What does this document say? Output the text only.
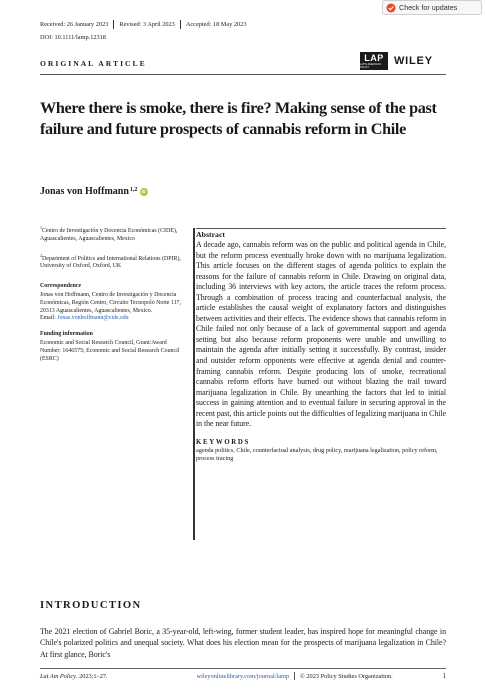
Check for updates
Received: 26 January 2023 Revised: 3 April 2023 Accepted: 18 May 2023
DOI: 10.1111/lamp.12318
ORIGINAL ARTICLE
LAP
LATIN AMERICAN POLICY	WILEY
Where there is smoke, there is fire? Making sense of the past failure and future prospects of cannabis reform in Chile
Jonas von Hoffmann 1,2
iD
$^1$Centro de Investigación y Docencia Económicas (CIDE), Aguascalientes, Aguascalientes, Mexico
$^2$Department of Politics and International Relations (DPIR), University of Oxford, Oxford, UK
Correspondence
Jonas von Hoffmann, Centro de Investigación y Docencia Económicas, Región Centro, Circuito Tecnopolo Norte 117, 20313 Aguascalientes, Aguascalientes, Mexico.
Email: Jonas.vonhoffmann@cide.edu
Funding information
Economic and Social Research Council, Grant/Award Number: 1646575; Economic and Social Research Council (ESRC)
Abstract

A decade ago, cannabis reform was on the public and political agenda in Chile, but the reform process eventually broke down with no marijuana legalization. This article focuses on the different stages of agenda politics to explain the reasons for the failure of cannabis reform in Chile. Drawing on original data, including 36 interviews with key actors, the article traces the reform process. Through a combination of process tracing and counterfactual analysis, the article establishes the causal weight of explanatory factors and distinguishes between activities and their effects. The evidence shows that cannabis reform in Chile failed not only because of a lack of governmental support and agenda setting but also because reform proponents were unable and unwilling to maintain the agenda after initially setting it successfully. By contrast, insider and outsider reform opponents were effective at agenda denial and counter-framing cannabis reform. Despite producing lots of smoke, recreational cannabis reform efforts have burned out without blazing the trail toward marijuana legalization in Chile. By unearthing the factors that led to initial success in gaining attention and to eventual failure in securing approval in the recent past, this article points out the difficulties of legalizing marijuana in Chile in the near future.

KEYWORDS
agenda politics, Chile, counterfactual analysis, drug policy, marijuana legalization, policy reform, process tracing
INTRODUCTION

The 2021 election of Gabriel Boric, a 35-year-old, left-wing, former student leader, has inspired hope for meaningful change in Chile's polarized politics and unequal society. What does his election mean for the prospects of marijuana legalization in Chile? At first glance, Boric's

Lat Am Policy . 2023;1–27.	wileyonlinelibrary.com/journal/lamp © 2023 Policy Studies Organization.	1
